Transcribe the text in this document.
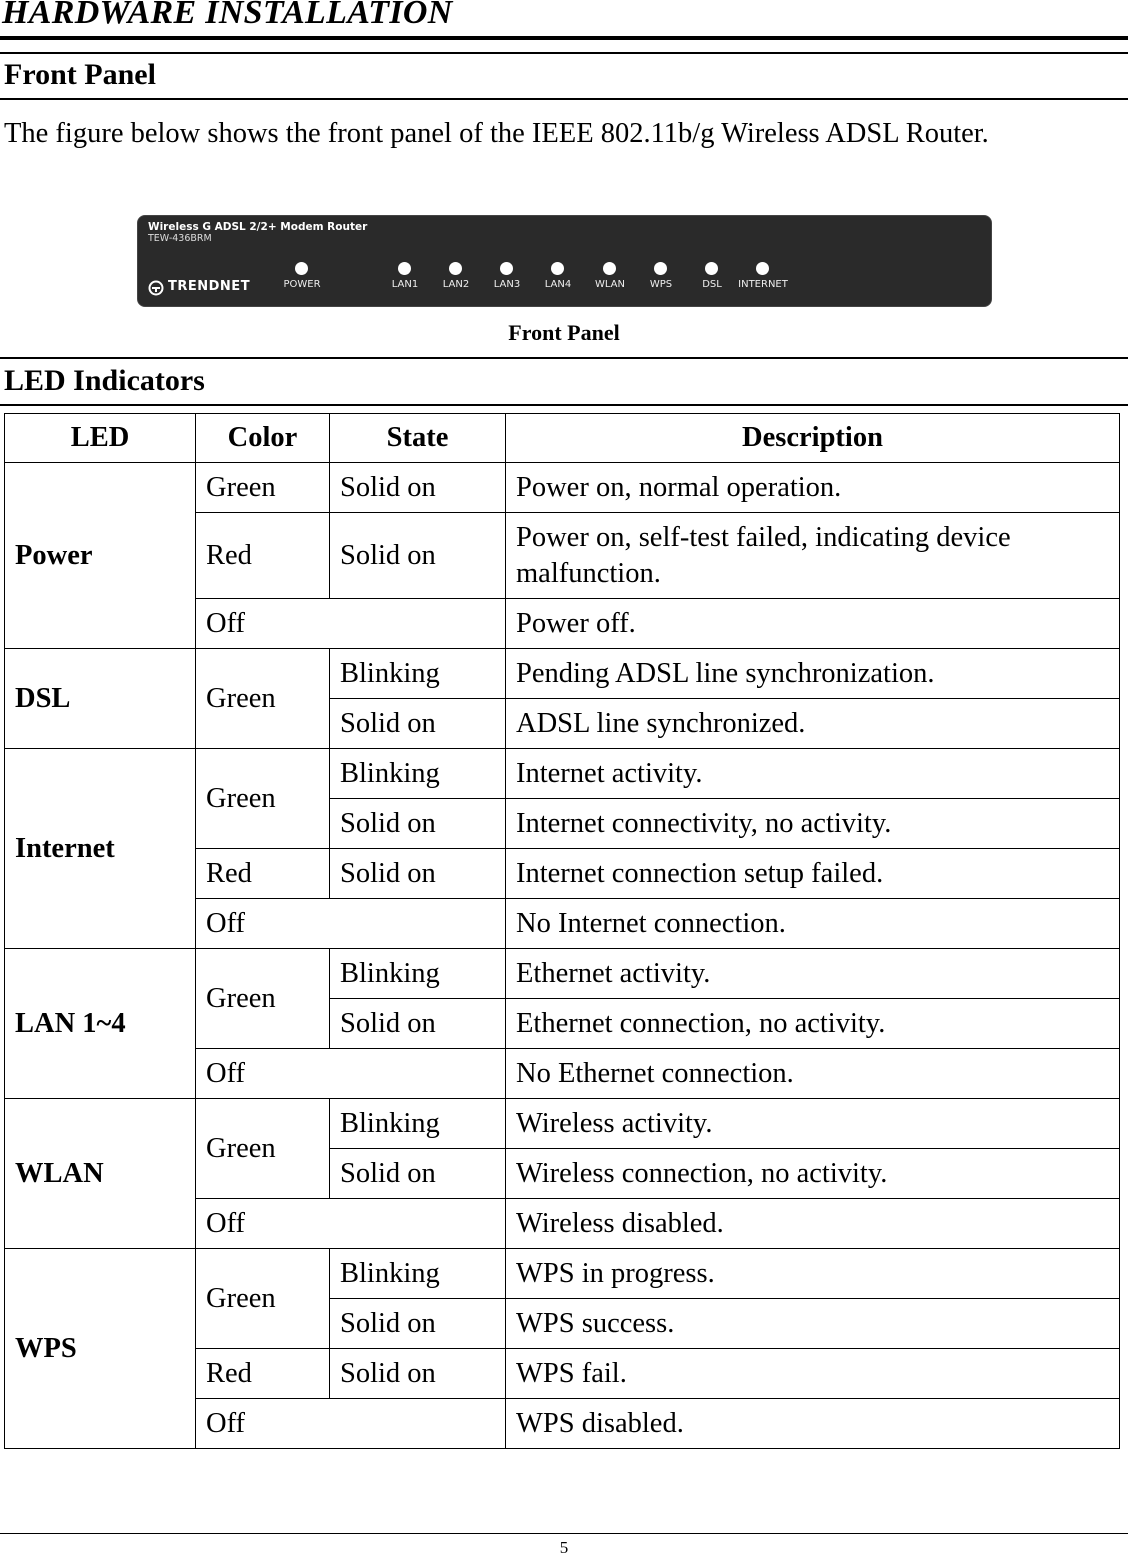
HARDWARE INSTALLATION
Front Panel

The figure below shows the front panel of the IEEE 802.11b/g Wireless ADSL Router.

Wireless G ADSL 2/2+ Modem Router
TEW-436BRM
TRENDNET	POWER	LAN1 LAN2 LAN3 LAN4 WLAN WPS	DSL INTERNET

Front Panel

LED Indicators
LED	Color	State	Description
Power	Green	Solid on	Power on, normal operation.
	Red	Solid on	Power on, self-test failed, indicating device malfunction.
	Off		Power off.
DSL	Green	Blinking	Pending ADSL line synchronization.
		Solid on	ADSL line synchronized.
Internet	Green	Blinking	Internet activity.
		Solid on	Internet connectivity, no activity.
	Red	Solid on	Internet connection setup failed.
	Off		No Internet connection.
LAN 1~4	Green	Blinking	Ethernet activity.
		Solid on	Ethernet connection, no activity.
	Off		No Ethernet connection.
WLAN	Green	Blinking	Wireless activity.
		Solid on	Wireless connection, no activity.
	Off		Wireless disabled.
WPS	Green	Blinking	WPS in progress.
		Solid on	WPS success.
	Red	Solid on	WPS fail.
	Off		WPS disabled.
5
